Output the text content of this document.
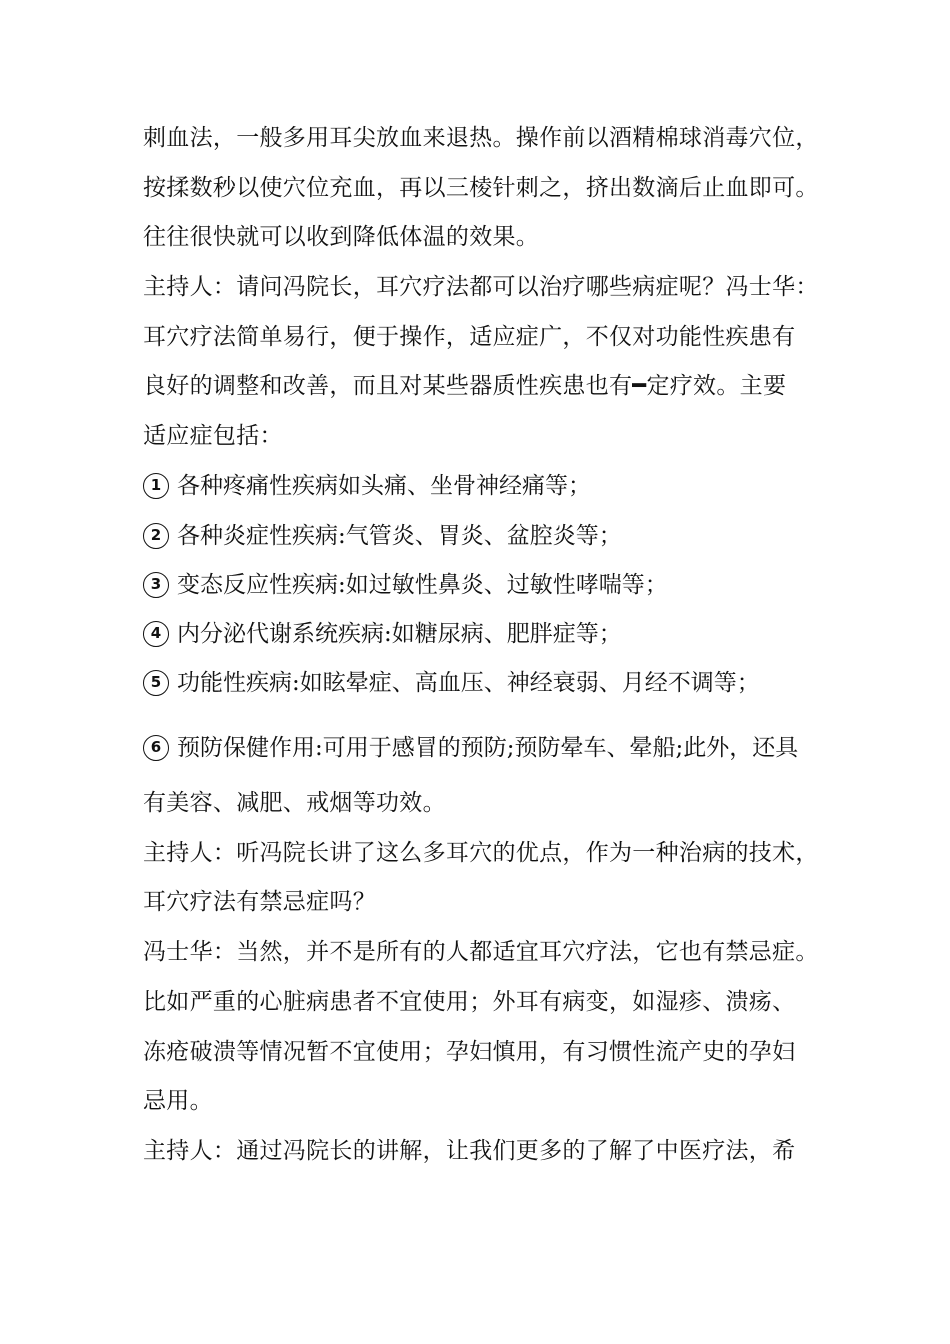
刺血法，一般多用耳尖放血来退热。操作前以酒精棉球消毒穴位，
按揉数秒以使穴位充血，再以三棱针刺之，挤出数滴后止血即可。
往往很快就可以收到降低体温的效果。
主持人：请问冯院长，耳穴疗法都可以治疗哪些病症呢？冯士华：
耳穴疗法简单易行，便于操作，适应症广，不仅对功能性疾患有
良好的调整和改善，而且对某些器质性疾患也有━定疗效。主要
适应症包括：
1 各种疼痛性疾病如头痛、坐骨神经痛等；
2 各种炎症性疾病:气管炎、胃炎、盆腔炎等；
3 变态反应性疾病:如过敏性鼻炎、过敏性哮喘等；
4 内分泌代谢系统疾病:如糖尿病、肥胖症等；
5 功能性疾病:如眩晕症、高血压、神经衰弱、月经不调等；
6 预防保健作用:可用于感冒的预防;预防晕车、晕船;此外，还具
有美容、减肥、戒烟等功效。
主持人：听冯院长讲了这么多耳穴的优点，作为一种治病的技术，
耳穴疗法有禁忌症吗？
冯士华：当然，并不是所有的人都适宜耳穴疗法，它也有禁忌症。
比如严重的心脏病患者不宜使用；外耳有病变，如湿疹、溃疡、
冻疮破溃等情况暂不宜使用；孕妇慎用，有习惯性流产史的孕妇
忌用。
主持人：通过冯院长的讲解，让我们更多的了解了中医疗法，希
